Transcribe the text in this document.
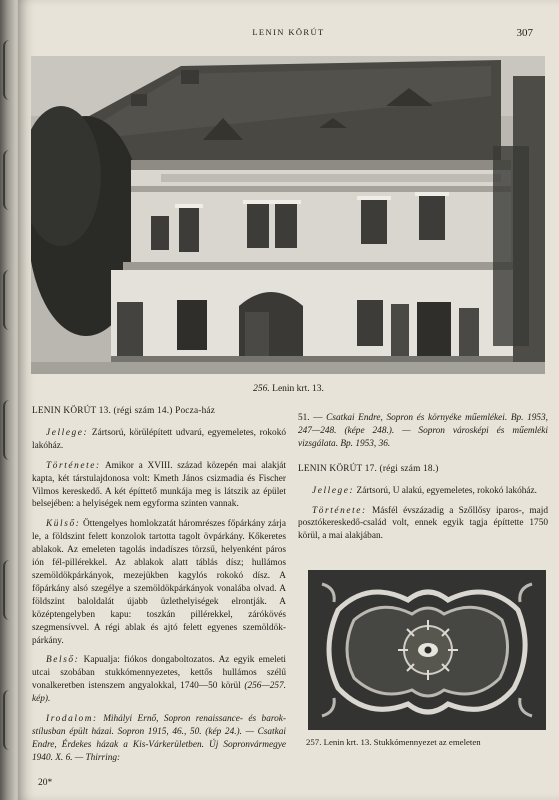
LENIN KÖRÚT	307
256. Lenin krt. 13.

LENIN KÖRÚT 13. (régi szám 14.) Pocza-ház

Jellege: Zártsorú, körülépített udvarú, egyemeletes, rokokó lakóház.

Története: Amikor a XVIII. század közepén mai alakját kapta, két társtulajdonosa volt: Kmeth János csizmadia és Fischer Vilmos kereskedő. A két építtető munkája meg is látszik az épület belsejében: a helyiségek nem egyforma szinten vannak.

Külső: Öttengelyes homlokzatát háromrészes főpárkány zárja le, a földszint felett konzolok tartotta tagolt övpárkány. Kőkeretes ablakok. Az emeleten tagolás indadíszes törzsű, helyenként páros ión fél-pillérekkel. Az ablakok alatt táblás dísz; hullámos szemöldökpárkányok, mezejükben kagylós rokokó dísz. A főpárkány alsó szegélye a szemöldökpárkányok vonalába olvad. A földszint baloldalát újabb üzlethelyiségek elrontják. A középtengelyben kapu: toszkán pillérekkel, zárókövés szegmensívvel. A régi ablak és ajtó felett egyenes szemöldök-párkány.

Belső: Kapualja: fiókos dongaboltozatos. Az egyik emeleti utcai szobában stukkómennyezetes, kettős hullámos szélű vonalkeretben istenszem angyalokkal, 1740—50 körül (256—257. kép).

Irodalom: Mihályi Ernő, Sopron renaissance- és barok-stílusban épült házai. Sopron 1915, 46., 50. (kép 24.). — Csatkai Endre, Érdekes házak a Kis-Várkerületben. Új Sopronvármegye 1940. X. 6. — Thirring:

51. — Csatkai Endre, Sopron és környéke műemlékei. Bp. 1953, 247—248. (képe 248.). — Sopron városképi és műemléki vizsgálata. Bp. 1953, 36.

LENIN KÖRÚT 17. (régi szám 18.)

Jellege: Zártsorú, U alakú, egyemeletes, rokokó lakóház.

Története: Másfél évszázadig a Szőllősy iparos-, majd posztókereskedő-család volt, ennek egyik tagja építtette 1750 körül, a mai alakjában.

257. Lenin krt. 13. Stukkómennyezet az emeleten
20*
